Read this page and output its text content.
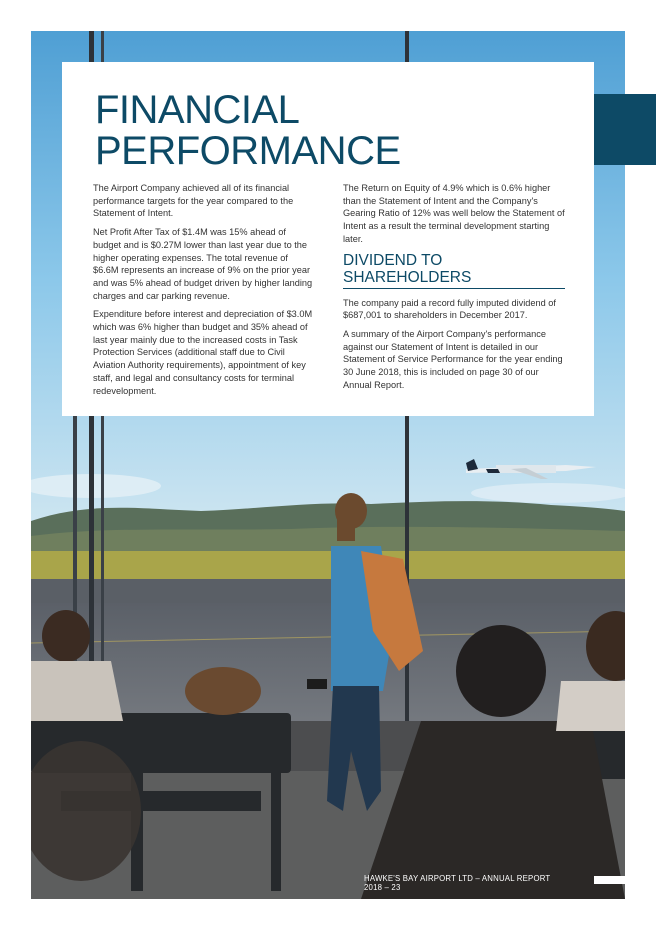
FINANCIAL
PERFORMANCE

The Airport Company achieved all of its financial performance targets for the year compared to the Statement of Intent.

Net Profit After Tax of $1.4M was 15% ahead of budget and is $0.27M lower than last year due to the higher operating expenses. The total revenue of $6.6M represents an increase of 9% on the prior year and was 5% ahead of budget driven by higher landing charges and car parking revenue.

Expenditure before interest and depreciation of $3.0M which was 6% higher than budget and 35% ahead of last year mainly due to the increased costs in Task Protection Services (additional staff due to Civil Aviation Authority requirements), appointment of key staff, and legal and consultancy costs for terminal redevelopment.

The Return on Equity of 4.9% which is 0.6% higher than the Statement of Intent and the Company's Gearing Ratio of 12% was well below the Statement of Intent as a result the terminal development starting later.

DIVIDEND TO SHAREHOLDERS

The company paid a record fully imputed dividend of $687,001 to shareholders in December 2017.

A summary of the Airport Company's performance against our Statement of Intent is detailed in our Statement of Service Performance for the year ending 30 June 2018, this is included on page 30 of our Annual Report.

HAWKE'S BAY AIRPORT LTD – ANNUAL REPORT 2018 – 23
